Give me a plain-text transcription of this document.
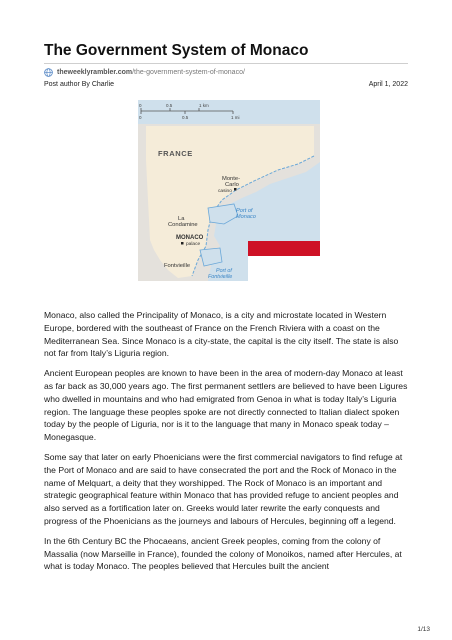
The Government System of Monaco
theweeklyrambler.com /the-government-system-of-monaco/
Post author By Charlie	April 1, 2022
0	0.5	1 km
0	0.5	1 mi
FRANCE
Monte-
Carlo
casino
Port of
Monaco
La
Condamine
MONACO
palace
Fontvieille
Port of
Fontvieille

Monaco, also called the Principality of Monaco, is a city and microstate located in Western Europe, bordered with the southeast of France on the French Riviera with a coast on the Mediterranean Sea. Since Monaco is a city-state, the capital is the city itself. The state is also not far from Italy’s Liguria region.

Ancient European peoples are known to have been in the area of modern-day Monaco at least as far back as 30,000 years ago. The first permanent settlers are believed to have been Ligures who dwelled in mountains and who had emigrated from Genoa in what is today Italy’s Liguria region. The language these peoples spoke are not directly connected to Italian dialect spoken today by the people of Liguria, nor is it to the language that many in Monaco speak today – Monegasque.

Some say that later on early Phoenicians were the first commercial navigators to find refuge at the Port of Monaco and are said to have consecrated the port and the Rock of Monaco in the name of Melquart, a deity that they worshipped. The Rock of Monaco is an important and strategic geographical feature within Monaco that has provided refuge to ancient peoples and also served as a fortification later on. Greeks would later rewrite the early conquests and progress of the Phoenicians as the journeys and labours of Hercules, beginning off a legend.

In the 6th Century BC the Phocaeans, ancient Greek peoples, coming from the colony of Massalia (now Marseille in France), founded the colony of Monoikos, named after Hercules, at what is today Monaco. The peoples believed that Hercules built the ancient

1/13
